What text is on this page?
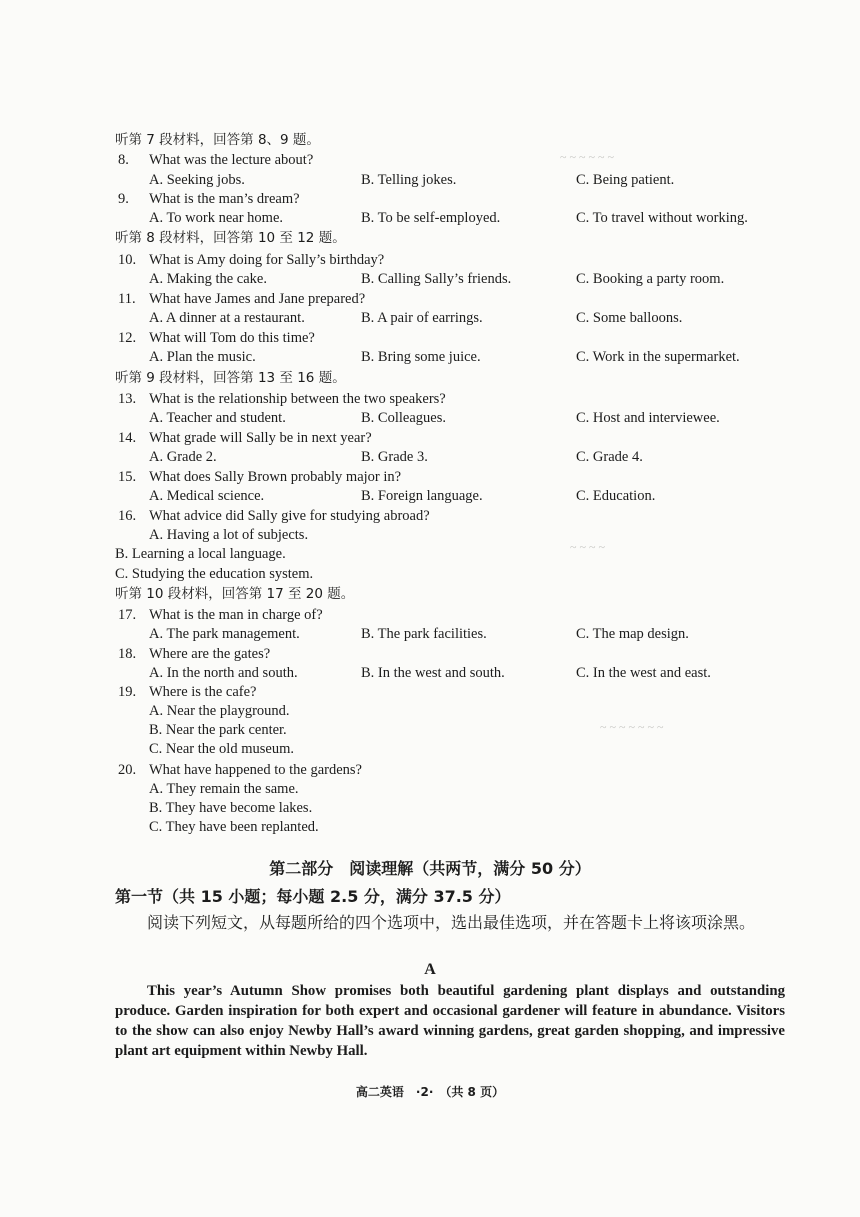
~ ~ ~ ~ ~ ~
~ ~ ~ ~
~ ~ ~ ~ ~ ~ ~
听第 7 段材料，回答第 8、9 题。
8. What was the lecture about?
A. Seeking jobs.	B. Telling jokes.	C. Being patient.
9. What is the man’s dream?
A. To work near home.	B. To be self-employed.	C. To travel without working.
听第 8 段材料，回答第 10 至 12 题。
10. What is Amy doing for Sally’s birthday?
A. Making the cake.	B. Calling Sally’s friends.	C. Booking a party room.
11. What have James and Jane prepared?
A. A dinner at a restaurant.	B. A pair of earrings.	C. Some balloons.
12. What will Tom do this time?
A. Plan the music.	B. Bring some juice.	C. Work in the supermarket.
听第 9 段材料，回答第 13 至 16 题。
13. What is the relationship between the two speakers?
A. Teacher and student.	B. Colleagues.	C. Host and interviewee.
14. What grade will Sally be in next year?
A. Grade 2.	B. Grade 3.	C. Grade 4.
15. What does Sally Brown probably major in?
A. Medical science.	B. Foreign language.	C. Education.
16. What advice did Sally give for studying abroad?
A. Having a lot of subjects.
B. Learning a local language.
C. Studying the education system.
听第 10 段材料，回答第 17 至 20 题。
17. What is the man in charge of?
A. The park management.	B. The park facilities.	C. The map design.
18. Where are the gates?
A. In the north and south.	B. In the west and south.	C. In the west and east.
19. Where is the cafe?
A. Near the playground.
B. Near the park center.
C. Near the old museum.
20. What have happened to the gardens?
A. They remain the same.
B. They have become lakes.
C. They have been replanted.
第二部分　阅读理解（共两节，满分 50 分）
第一节（共 15 小题；每小题 2.5 分，满分 37.5 分）
阅读下列短文，从每题所给的四个选项中，选出最佳选项，并在答题卡上将该项涂黑。
A
This year’s Autumn Show promises both beautiful gardening plant displays and outstanding produce. Garden inspiration for both expert and occasional gardener will feature in abundance. Visitors to the show can also enjoy Newby Hall’s award winning gardens, great garden shopping, and impressive plant art equipment within Newby Hall.
高二英语　·2·　（共 8 页）
